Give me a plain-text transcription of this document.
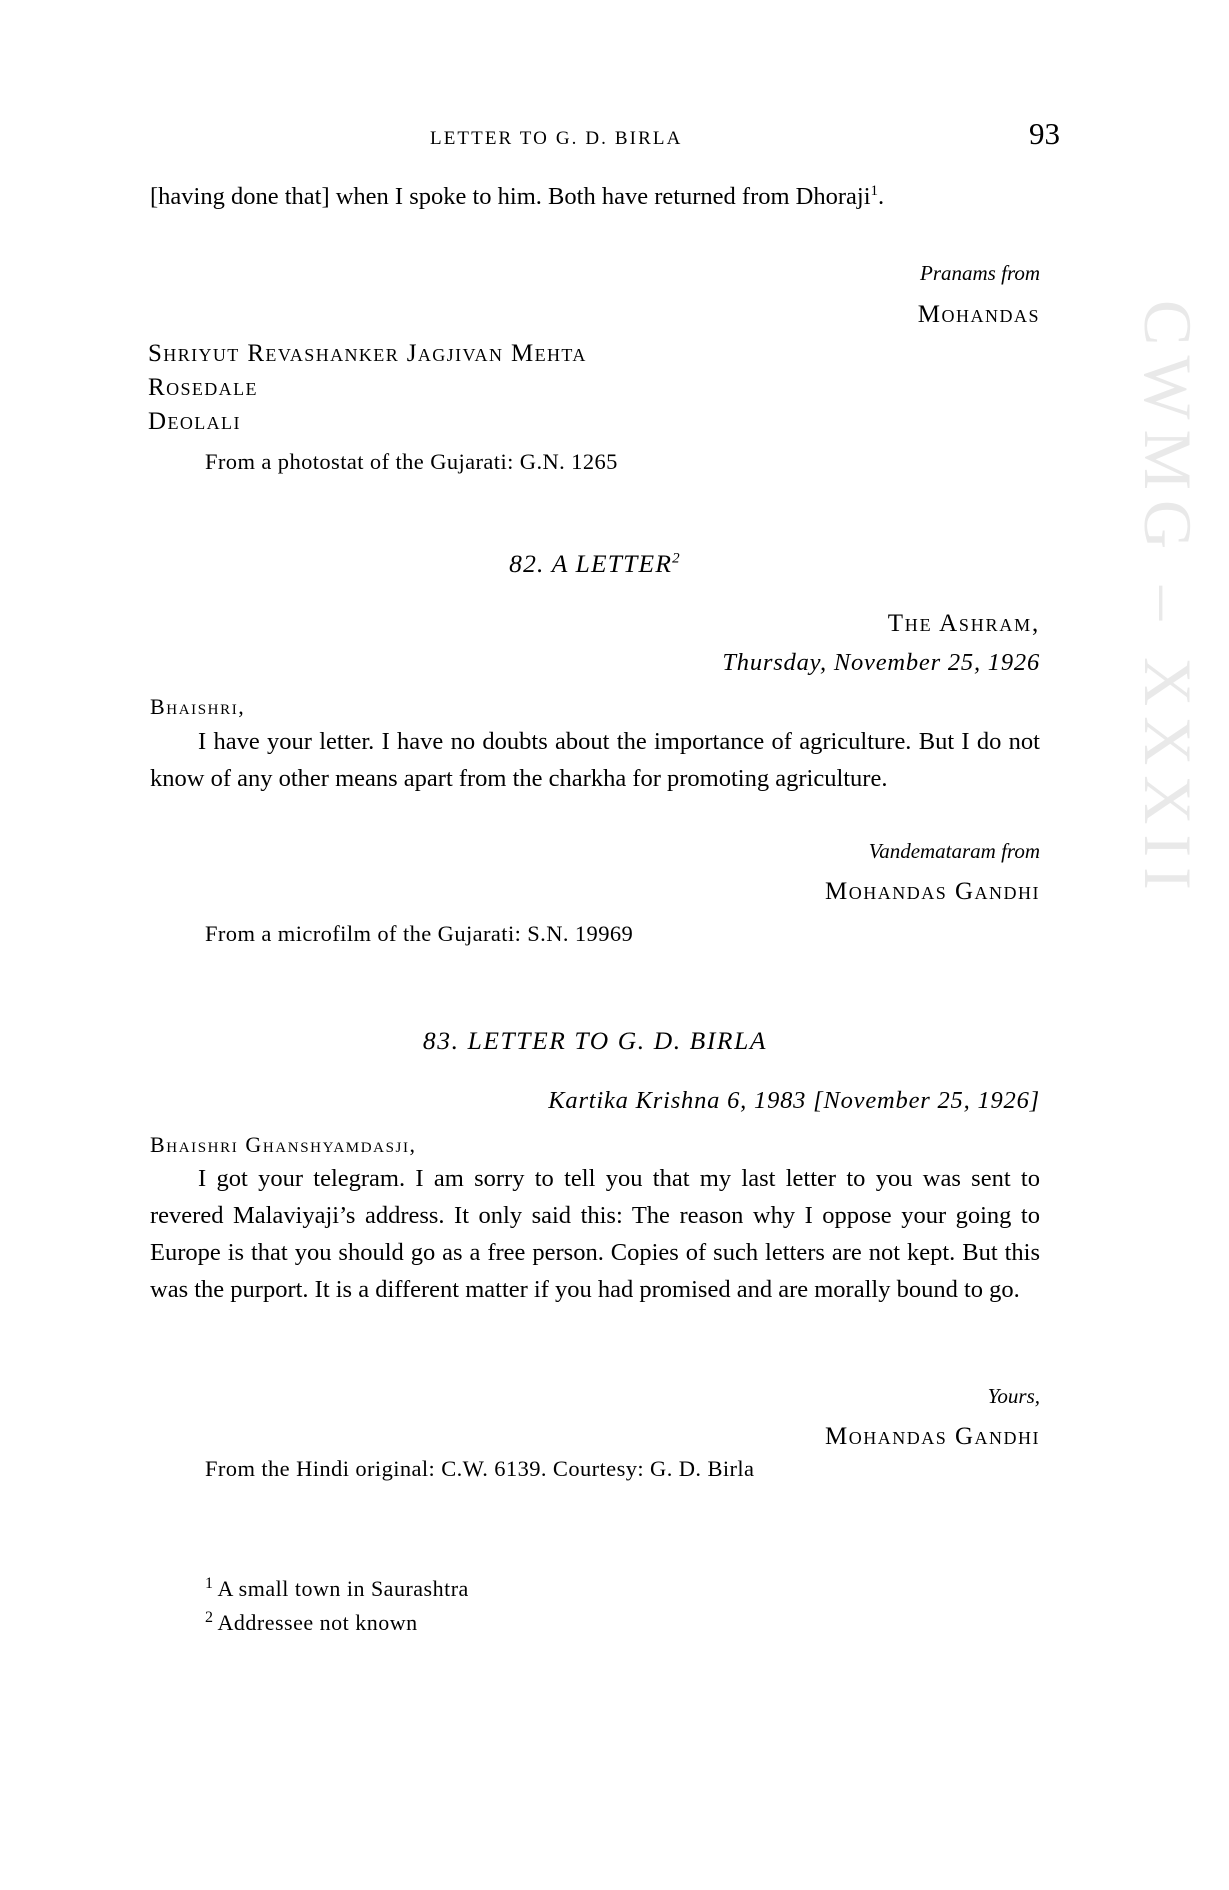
LETTER TO G. D. BIRLA	93
CWMG – XXXII
[having done that] when I spoke to him. Both have returned from Dhoraji$^1$.
Pranams from
Mohandas
Shriyut Revashanker Jagjivan Mehta
Rosedale
Deolali
From a photostat of the Gujarati: G.N. 1265
82. A LETTER$^2$
The Ashram,
Thursday, November 25, 1926
Bhaishri,
I have your letter. I have no doubts about the importance of agriculture. But I do not know of any other means apart from the charkha for promoting agriculture.
Vandemataram from
Mohandas Gandhi
From a microfilm of the Gujarati: S.N. 19969
83. LETTER TO G. D. BIRLA
Kartika Krishna 6, 1983 [November 25, 1926]
Bhaishri Ghanshyamdasji,
I got your telegram. I am sorry to tell you that my last letter to you was sent to revered Malaviyaji’s address. It only said this: The reason why I oppose your going to Europe is that you should go as a free person. Copies of such letters are not kept. But this was the purport. It is a different matter if you had promised and are morally bound to go.
Yours,
Mohandas Gandhi
From the Hindi original: C.W. 6139. Courtesy: G. D. Birla
$^1$ A small town in Saurashtra
$^2$ Addressee not known
